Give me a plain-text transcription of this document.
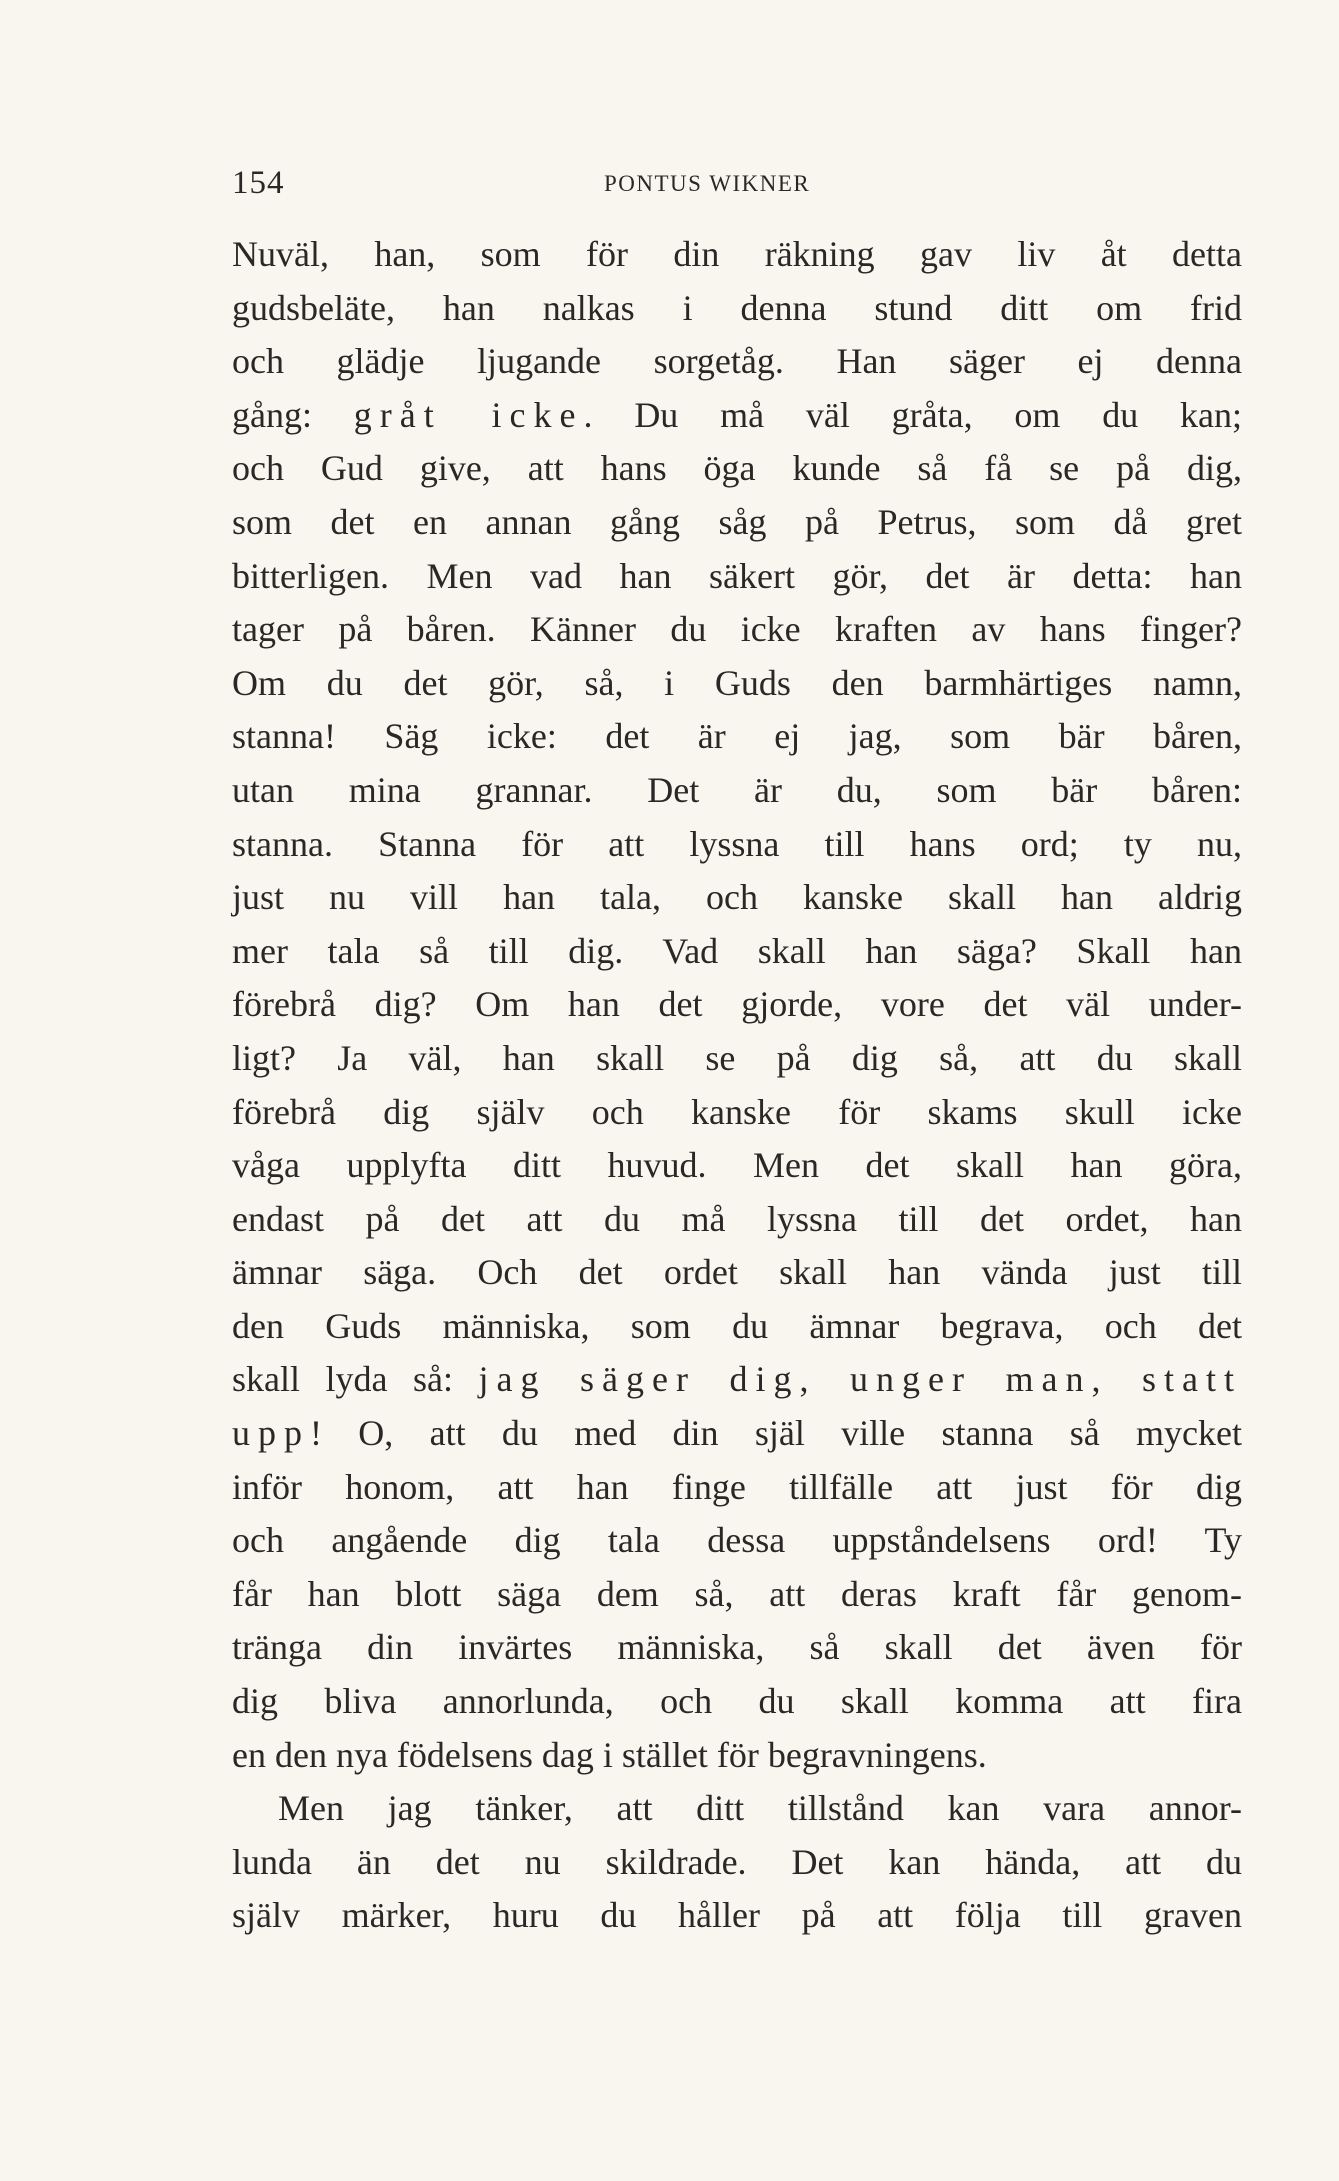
154	PONTUS WIKNER
Nuväl, han, som för din räkning gav liv åt detta
gudsbeläte, han nalkas i denna stund ditt om frid
och glädje ljugande sorgetåg. Han säger ej denna
gång: gråt icke. Du må väl gråta, om du kan;
och Gud give, att hans öga kunde så få se på dig,
som det en annan gång såg på Petrus, som då gret
bitterligen. Men vad han säkert gör, det är detta: han
tager på båren. Känner du icke kraften av hans finger?
Om du det gör, så, i Guds den barmhärtiges namn,
stanna! Säg icke: det är ej jag, som bär båren,
utan mina grannar. Det är du, som bär båren:
stanna. Stanna för att lyssna till hans ord; ty nu,
just nu vill han tala, och kanske skall han aldrig
mer tala så till dig. Vad skall han säga? Skall han
förebrå dig? Om han det gjorde, vore det väl under-
ligt? Ja väl, han skall se på dig så, att du skall
förebrå dig själv och kanske för skams skull icke
våga upplyfta ditt huvud. Men det skall han göra,
endast på det att du må lyssna till det ordet, han
ämnar säga. Och det ordet skall han vända just till
den Guds människa, som du ämnar begrava, och det
skall lyda så: jag säger dig, unger man, statt
upp! O, att du med din själ ville stanna så mycket
inför honom, att han finge tillfälle att just för dig
och angående dig tala dessa uppståndelsens ord! Ty
får han blott säga dem så, att deras kraft får genom-
tränga din invärtes människa, så skall det även för
dig bliva annorlunda, och du skall komma att fira
en den nya födelsens dag i stället för begravningens.
Men jag tänker, att ditt tillstånd kan vara annor-
lunda än det nu skildrade. Det kan hända, att du
själv märker, huru du håller på att följa till graven
